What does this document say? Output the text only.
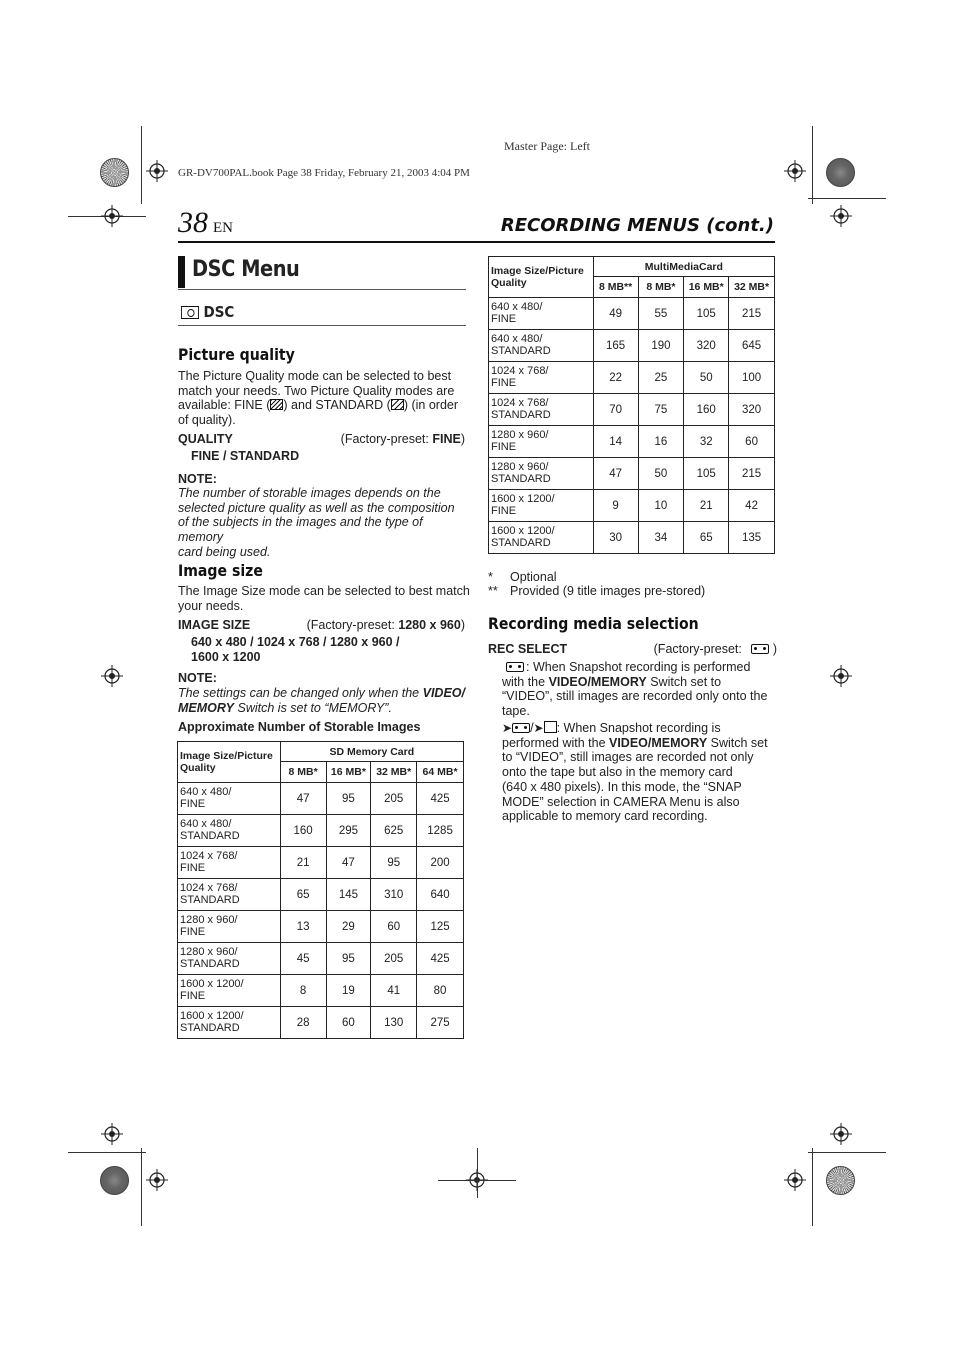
Master Page: Left
GR-DV700PAL.book Page 38 Friday, February 21, 2003 4:04 PM
38 EN	RECORDING MENUS (cont.)
DSC Menu
DSC
Picture quality
The Picture Quality mode can be selected to best
match your needs. Two Picture Quality modes are
available: FINE ( ) and STANDARD ( ) (in order
of quality).
QUALITY	(Factory-preset: FINE)
FINE / STANDARD
NOTE:
The number of storable images depends on the
selected picture quality as well as the composition
of the subjects in the images and the type of memory
card being used.
Image size
The Image Size mode can be selected to best match
your needs.
IMAGE SIZE	(Factory-preset: 1280 x 960)
640 x 480 / 1024 x 768 / 1280 x 960 /
1600 x 1200
NOTE:
The settings can be changed only when the VIDEO/
MEMORY Switch is set to “MEMORY”.
Approximate Number of Storable Images
Image Size/Picture Quality	SD Memory Card			
	8 MB*	16 MB*	32 MB*	64 MB*

640 x 480/
FINE	47	95	205	425

640 x 480/
STANDARD	160	295	625	1285

1024 x 768/
FINE	21	47	95	200

1024 x 768/
STANDARD	65	145	310	640

1280 x 960/
FINE	13	29	60	125

1280 x 960/
STANDARD	45	95	205	425

1600 x 1200/
FINE	8	19	41	80

1600 x 1200/
STANDARD	28	60	130	275
Image Size/Picture Quality	MultiMediaCard			
	8 MB**	8 MB*	16 MB*	32 MB*

640 x 480/
FINE	49	55	105	215

640 x 480/
STANDARD	165	190	320	645

1024 x 768/
FINE	22	25	50	100

1024 x 768/
STANDARD	70	75	160	320

1280 x 960/
FINE	14	16	32	60

1280 x 960/
STANDARD	47	50	105	215

1600 x 1200/
FINE	9	10	21	42

1600 x 1200/
STANDARD	30	34	65	135
* Optional
** Provided (9 title images pre-stored)
Recording media selection
REC SELECT	(Factory-preset: )
: When Snapshot recording is performed
with the VIDEO/MEMORY Switch set to
“VIDEO”, still images are recorded only onto the
tape.
➤ /➤ : When Snapshot recording is
performed with the VIDEO/MEMORY Switch set
to “VIDEO”, still images are recorded not only
onto the tape but also in the memory card
(640 x 480 pixels). In this mode, the “SNAP
MODE” selection in CAMERA Menu is also
applicable to memory card recording.
